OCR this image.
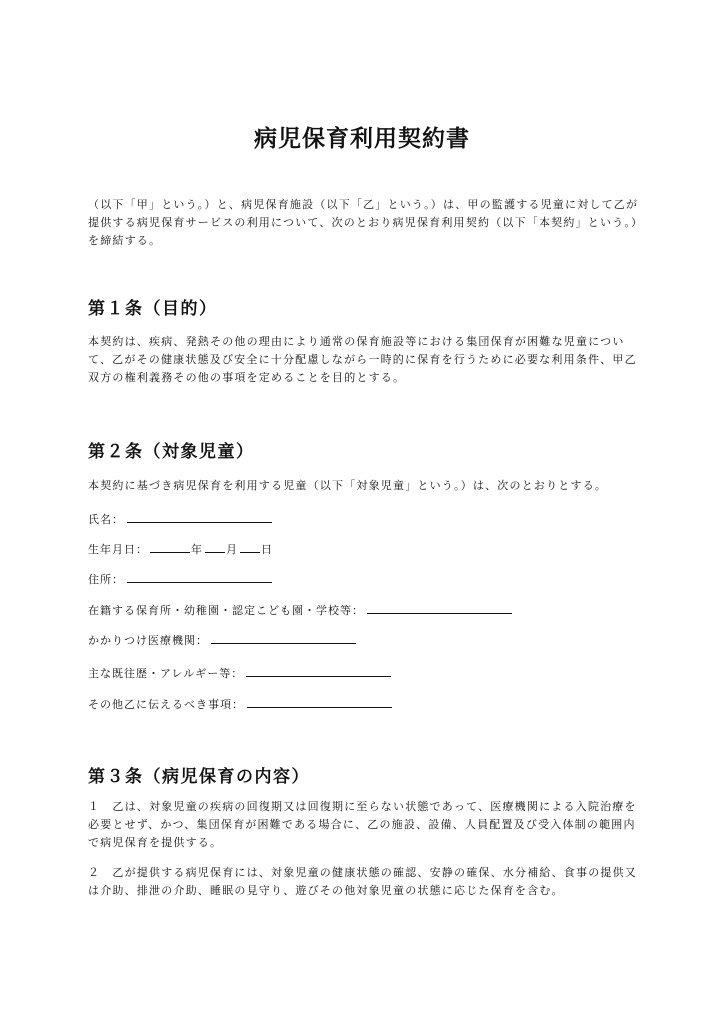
病児保育利用契約書

（以下「甲」という。）と、病児保育施設（以下「乙」という。）は、甲の監護する児童に対して乙が提供する病児保育サービスの利用について、次のとおり病児保育利用契約（以下「本契約」という。）を締結する。

第１条（目的）

本契約は、疾病、発熱その他の理由により通常の保育施設等における集団保育が困難な児童について、乙がその健康状態及び安全に十分配慮しながら一時的に保育を行うために必要な利用条件、甲乙双方の権利義務その他の事項を定めることを目的とする。

第２条（対象児童）

本契約に基づき病児保育を利用する児童（以下「対象児童」という。）は、次のとおりとする。

氏名：
生年月日：	年 月 日
住所：
在籍する保育所・幼稚園・認定こども園・学校等：
かかりつけ医療機関：
主な既往歴・アレルギー等：
その他乙に伝えるべき事項：
第３条（病児保育の内容）

１　乙は、対象児童の疾病の回復期又は回復期に至らない状態であって、医療機関による入院治療を必要とせず、かつ、集団保育が困難である場合に、乙の施設、設備、人員配置及び受入体制の範囲内で病児保育を提供する。

２　乙が提供する病児保育には、対象児童の健康状態の確認、安静の確保、水分補給、食事の提供又は介助、排泄の介助、睡眠の見守り、遊びその他対象児童の状態に応じた保育を含む。
